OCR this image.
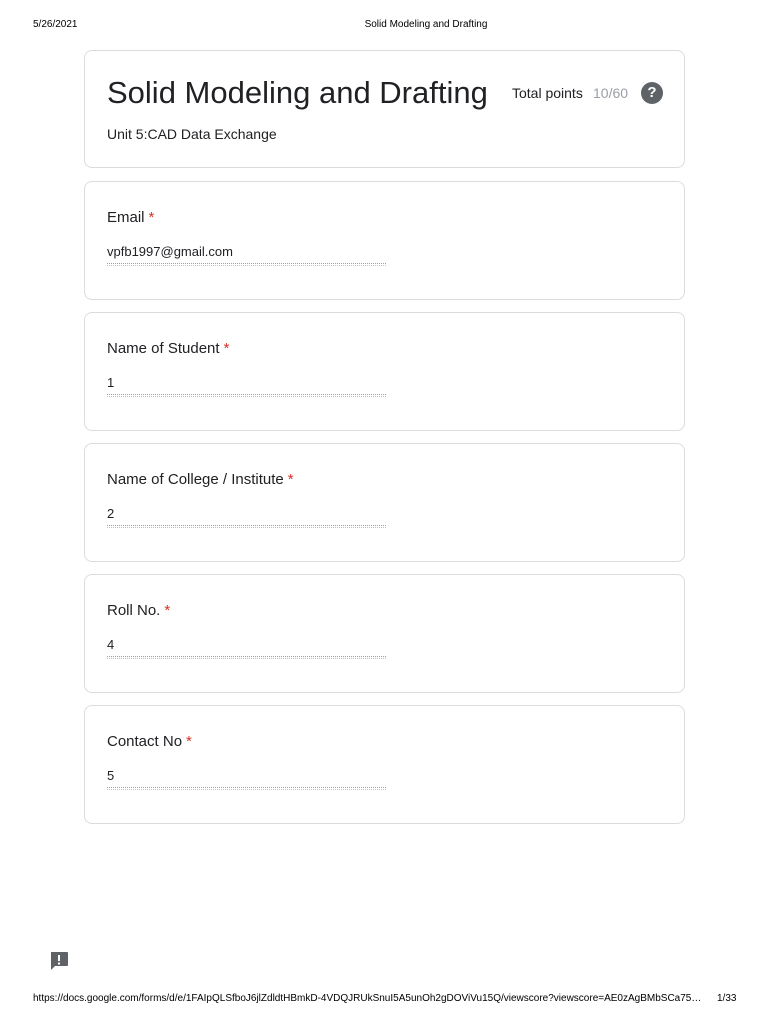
5/26/2021	Solid Modeling and Drafting
Solid Modeling and Drafting
Unit 5:CAD Data Exchange
Total points 10/60	?
Email *
vpfb1997@gmail.com
Name of Student *
1
Name of College / Institute *
2
Roll No. *
4
Contact No *
5
https://docs.google.com/forms/d/e/1FAIpQLSfboJ6jlZdldtHBmkD-4VDQJRUkSnuI5A5unOh2gDOViVu15Q/viewscore?viewscore=AE0zAgBMbSCa75… 1/33
